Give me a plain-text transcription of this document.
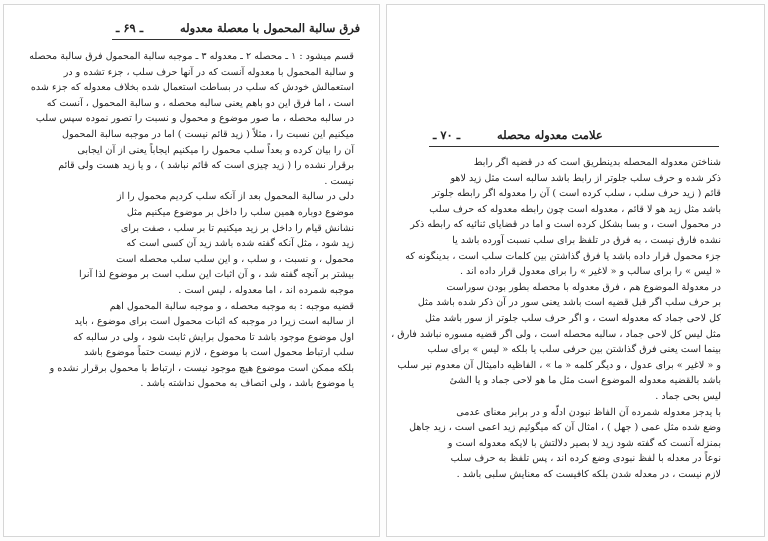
فرق سالبة المحمول با معصلة معدوله
ـ ۶۹ ـ
قسم میشود : ۱ ـ محصله ۲ ـ معدوله ۳ ـ موجبه سالبة المحمول فرق سالبة محصله
و سالبة المحمول با معدوله آنست که در آنها حرف سلب ، جزء تشده و در
استعمالش خودش که سلب در بساطت استعمال شده بخلاف معدوله که جزء شده
است ، اما فرق این دو باهم یعنی سالبه محصله ، و سالبة المحمول ، آنست که
در سالبه محصله ، ما صور موضوع و محمول و نسبت را تصور نموده سپس سلب
میکنیم این نسبت را ، مثلاً ( زید قائم نیست ) اما در موجبه سالبة المحمول
آن را بیان کرده و بعداً سلب محمول را میکنیم ایجاباً یعنی از آن ایجابی
برقرار نشده را ( زید چیزی است که قائم نباشد ) ، و یا زید هست ولی قائم
نیست .
دلی در سالبة المحمول بعد از آنکه سلب کردیم محمول را از
موضوع دوباره همین سلب را داخل بر موضوع میکنیم مثل
نشانش قیام را داخل بر زید میکنیم تا بر سلب ، صفت برای
زید شود ، مثل آنکه گفته شده باشد زید آن کسی است که
محمول ، و نسبت ، و سلب ، و این سلب سلب محصله است
بیشتر بر آنچه گفته شد ، و آن اثبات این سلب است بر موضوع لذا آنرا
موجبه شمرده اند ، اما معدوله ، لیس است .
قضیه موجبه : به موجبه محصله ، و موجبه سالبة المحمول اهم
از سالبه است زیرا در موجبه که اثبات محمول است برای موضوع ، باید
اول موضوع موجود باشد تا محمول برایش ثابت شود ، ولی در سالبه که
سلب ارتباط محمول است با موضوع ، لازم نیست حتماً موضوع باشد
بلکه ممکن است موضوع هیچ موجود نیست ، ارتباط با محمول برقرار نشده و
یا موضوع باشد ، ولی اتصاف به محمول نداشته باشد .
علامت معدوله محصله
ـ ۷۰ ـ
شناختن معدوله المحصله بدینطریق است که در قضیه اگر رابط
ذکر شده و حرف سلب جلوتر از رابط باشد سالبه است مثل زید لاهو
قائم ( زید حرف سلب ، سلب کرده است ) آن را معدوله اگر رابطه جلوتر
باشد مثل زید هو لا قائم ، معدوله است چون رابطه معدوله که حرف سلب
در محمول است ، و بسا بشکل کرده است و اما در قضایای ثنائیه که رابطه ذکر
نشده فارق نیست ، به فرق در تلفظ برای سلب نسبت آورده باشد یا
جزء محمول قرار داده باشد یا فرق گذاشتن بین کلمات سلب است ، بدینگونه که
« لیس » را برای سالب و « لاغیر » را برای معدول قرار داده اند .
در معدولة الموضوع هم ، فرق معدوله با محصله بطور بودن سوراست
بر حرف سلب اگر قبل قضیه است باشد یعنی سور در آن ذکر شده باشد مثل
کل لاحی جماد که معدوله است ، و اگر حرف سلب جلوتر از سور باشد مثل
مثل لیس کل لاحی جماد ، سالبه محصله است ، ولی اگر قضیه مسوره نباشد فارق ،
بینما است یعنی فرق گذاشتن بین حرفی سلب یا بلکه « لیس » برای سلب
و « لاغیر » برای عدول ، و دیگر کلمه « ما » ، الفاظیه دامیثال آن معدوم نیر سلب
باشد بالقضیه معدوله الموضوع است مثل ما هو لاحی جماد و یا الشئ
لیس بحی جماد .
با یدجز معدوله شمرده آن الفاظ نبودن ادلّه و در برابر معنای عدمی
وضع شده مثل عمی ( جهل ) ، امثال آن که میگوئیم زید اعمی است ، زید جاهل
بمنزله آنست که گفته شود زید لا بصیر دلالتش با لایکه معدوله است و
نوعاً در معدله با لفظ نبودی وضع کرده اند ، پس تلفظ به حرف سلب
لازم نیست ، در معدله شدن بلکه کافیست که معنایش سلبی باشد .
